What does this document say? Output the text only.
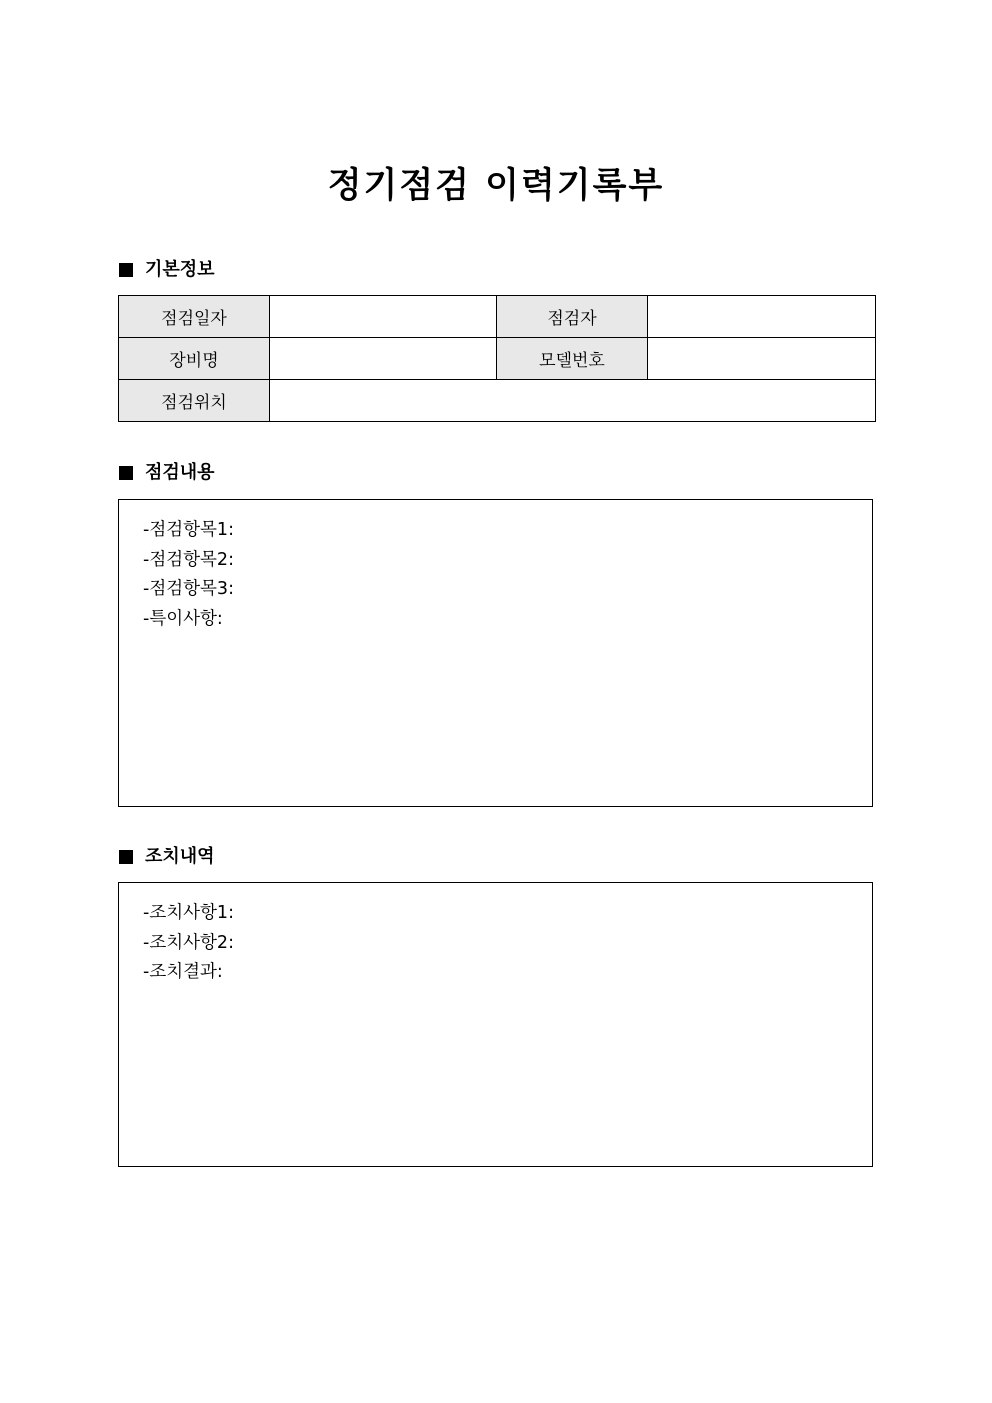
정기점검 이력기록부
기본정보
점검일자		점검자	
장비명		모델번호	
점검위치			
점검내용
-점검항목1:
-점검항목2:
-점검항목3:
-특이사항:
조치내역
-조치사항1:
-조치사항2:
-조치결과:
